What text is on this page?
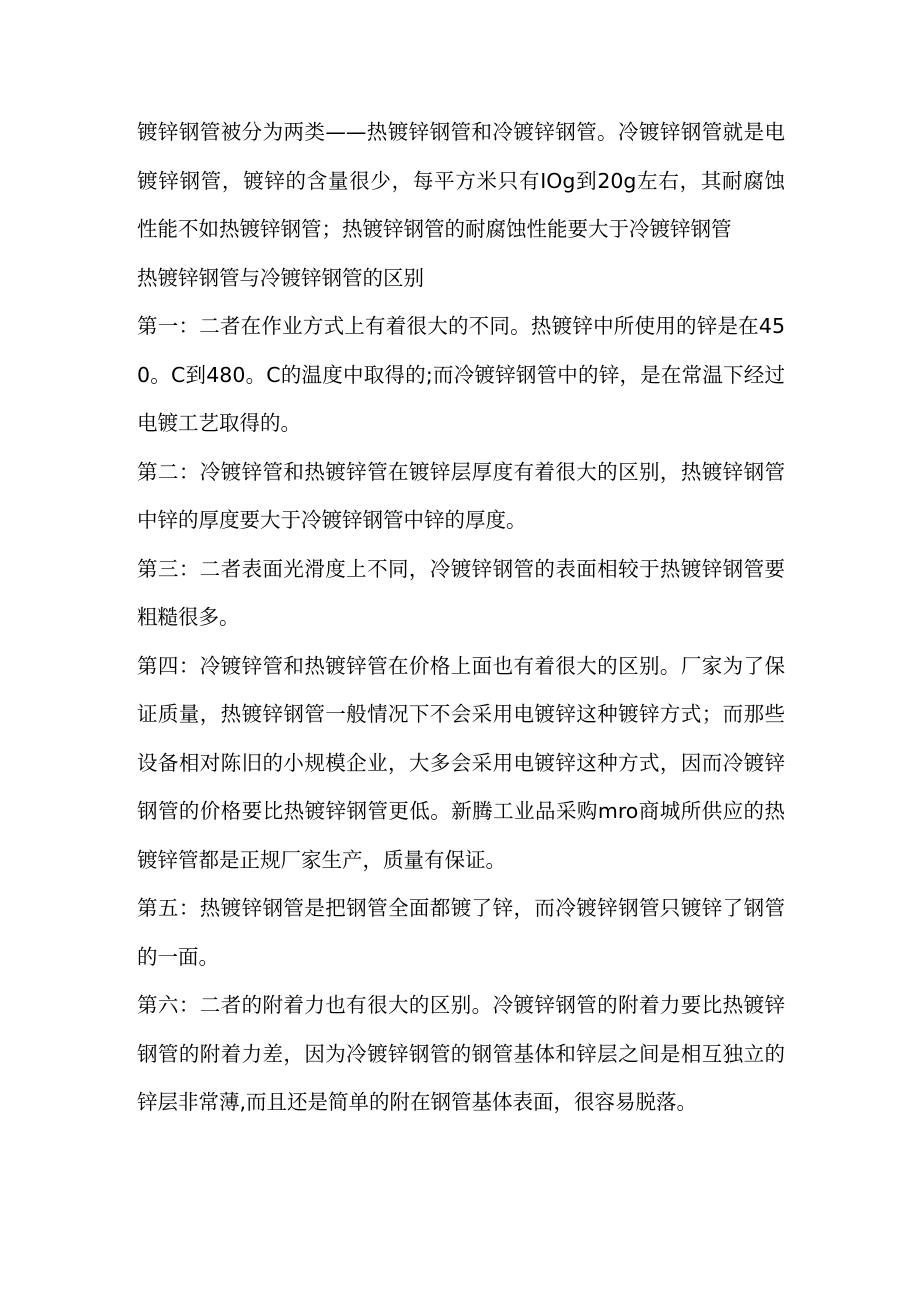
镀锌钢管被分为两类——热镀锌钢管和冷镀锌钢管。冷镀锌钢管就是电镀锌钢管，镀锌的含量很少，每平方米只有IOg到20g左右，其耐腐蚀性能不如热镀锌钢管；热镀锌钢管的耐腐蚀性能要大于冷镀锌钢管

热镀锌钢管与冷镀锌钢管的区别

第一：二者在作业方式上有着很大的不同。热镀锌中所使用的锌是在450。C到480。C的温度中取得的;而冷镀锌钢管中的锌，是在常温下经过电镀工艺取得的。

第二：冷镀锌管和热镀锌管在镀锌层厚度有着很大的区别，热镀锌钢管中锌的厚度要大于冷镀锌钢管中锌的厚度。

第三：二者表面光滑度上不同，冷镀锌钢管的表面相较于热镀锌钢管要粗糙很多。

第四：冷镀锌管和热镀锌管在价格上面也有着很大的区别。厂家为了保证质量，热镀锌钢管一般情况下不会采用电镀锌这种镀锌方式；而那些设备相对陈旧的小规模企业，大多会采用电镀锌这种方式，因而冷镀锌钢管的价格要比热镀锌钢管更低。新腾工业品采购mro商城所供应的热镀锌管都是正规厂家生产，质量有保证。

第五：热镀锌钢管是把钢管全面都镀了锌，而冷镀锌钢管只镀锌了钢管的一面。

第六：二者的附着力也有很大的区别。冷镀锌钢管的附着力要比热镀锌钢管的附着力差，因为冷镀锌钢管的钢管基体和锌层之间是相互独立的锌层非常薄,而且还是简单的附在钢管基体表面，很容易脱落。
